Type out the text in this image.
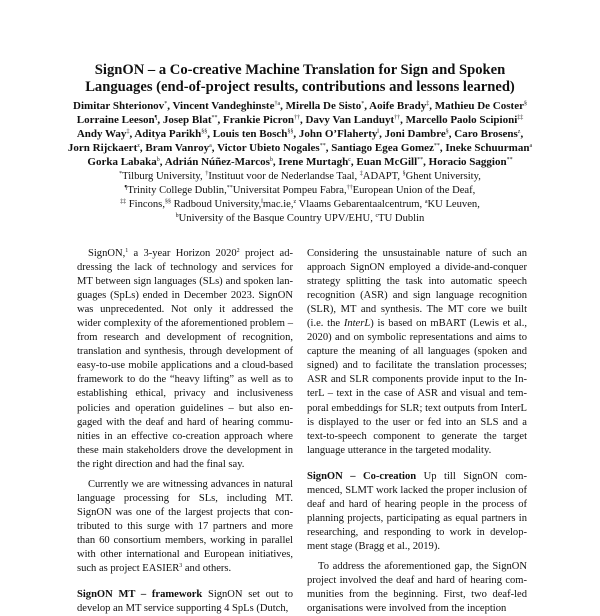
SignON – a Co-creative Machine Translation for Sign and Spoken Languages (end-of-project results, contributions and lessons learned)
Dimitar Shterionov*, Vincent Vandeghinste$^{\dagger a}$, Mirella De Sisto*, Aoife Brady‡, Mathieu De Coster§
Lorraine Leeson¶, Josep Blat**, Frankie Picron††, Davy Van Landuyt††, Marcello Paolo Scipioni‡‡
Andy Way‡, Aditya Parikh§§, Louis ten Bosch§§, John O’Flaherty‖, Joni Dambre§, Caro Brosens$^z$,
Jorn Rijckaert$^z$, Bram Vanroy$^a$, Victor Ubieto Nogales**, Santiago Egea Gomez**, Ineke Schuurman$^a$
Gorka Labaka$^b$, Adrián Núñez-Marcos$^b$, Irene Murtagh$^c$, Euan McGill**, Horacio Saggion**
*Tilburg University, †Instituut voor de Nederlandse Taal, ‡ADAPT, §Ghent University,
¶Trinity College Dublin,**Universitat Pompeu Fabra,††European Union of the Deaf,
‡‡ Fincons,§§ Radboud University,‖mac.ie,$^z$ Vlaams Gebarentaalcentrum, $^a$KU Leuven,
$^b$University of the Basque Country UPV/EHU, $^c$TU Dublin

SignON,$^1$ a 3-year Horizon 2020$^2$ project addressing the lack of technology and services for MT between sign languages (SLs) and spoken languages (SpLs) ended in December 2023. SignON was unprecedented. Not only it addressed the wider complexity of the aforementioned problem – from research and development of recognition, translation and synthesis, through development of easy-to-use mobile applications and a cloud-based framework to do the “heavy lifting” as well as to establishing ethical, privacy and inclusiveness policies and operation guidelines – but also engaged with the deaf and hard of hearing communities in an effective co-creation approach where these main stakeholders drove the development in the right direction and had the final say.

Currently we are witnessing advances in natural language processing for SLs, including MT. SignON was one of the largest projects that contributed to this surge with 17 partners and more than 60 consortium members, working in parallel with other international and European initiatives, such as project EASIER$^3$ and others.

SignON MT – framework SignON set out to develop an MT service supporting 4 SpLs (Dutch,

Considering the unsustainable nature of such an approach SignON employed a divide-and-conquer strategy splitting the task into automatic speech recognition (ASR) and sign language recognition (SLR), MT and synthesis. The MT core we built (i.e. the InterL) is based on mBART (Lewis et al., 2020) and on symbolic representations and aims to capture the meaning of all languages (spoken and signed) and to facilitate the translation processes; ASR and SLR components provide input to the InterL – text in the case of ASR and visual and temporal embeddings for SLR; text outputs from InterL is displayed to the user or fed into an SLS and a text-to-speech component to generate the target language utterance in the targeted modality.

SignON – Co-creation Up till SignON commenced, SLMT work lacked the proper inclusion of deaf and hard of hearing people in the process of planning projects, participating as equal partners in researching, and responding to work in development stage (Bragg et al., 2019).

To address the aforementioned gap, the SignON project involved the deaf and hard of hearing communities from the beginning. First, two deaf-led organisations were involved from the inception
